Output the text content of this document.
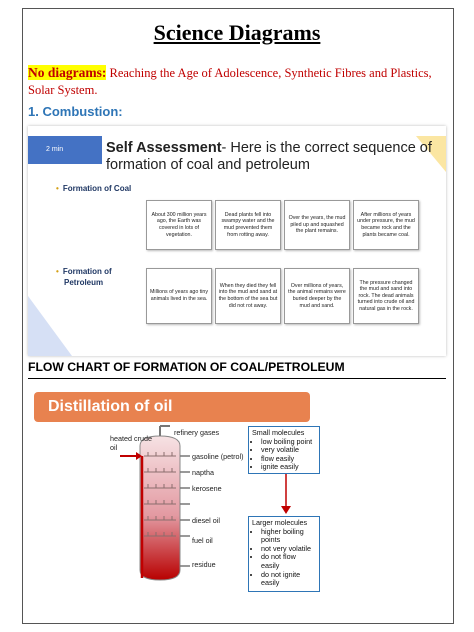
Science Diagrams
No diagrams: Reaching the Age of Adolescence, Synthetic Fibres and Plastics, Solar System.
1. Combustion:
2 min	Self Assessment- Here is the correct sequence of formation of coal and petroleum
• Formation of Coal
About 300 million years ago, the Earth was covered in lots of vegetation.
Dead plants fell into swampy water and the mud prevented them from rotting away.
Over the years, the mud piled up and squashed the plant remains.
After millions of years under pressure, the mud became rock and the plants became coal.
• Formation of
Petroleum
Millions of years ago tiny animals lived in the sea.
When they died they fell into the mud and sand at the bottom of the sea but did not rot away.
Over millions of years, the animal remains were buried deeper by the mud and sand.
The pressure changed the mud and sand into rock. The dead animals turned into crude oil and natural gas in the rock.
FLOW CHART OF FORMATION OF COAL/PETROLEUM
Distillation of oil
heated crude
oil
refinery gases
gasoline (petrol)
naptha
kerosene
diesel oil
fuel oil
residue
Small molecules
• low boiling point
• very volatile
• flow easily
• ignite easily
Larger molecules
• higher boiling points
• not very volatile
• do not flow easily
• do not ignite easily
